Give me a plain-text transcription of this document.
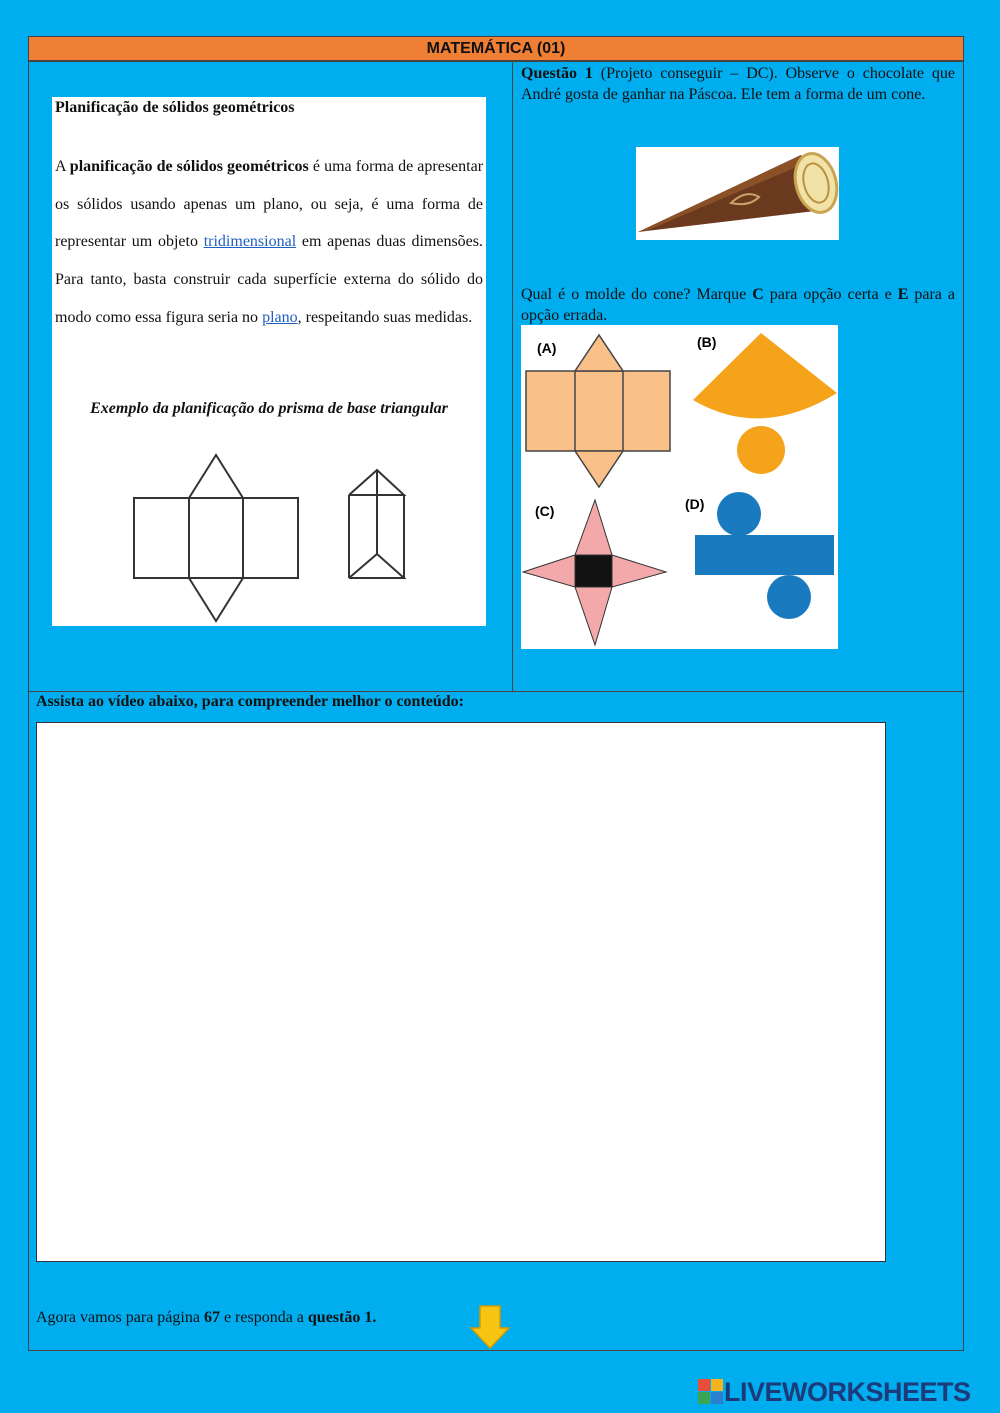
MATEMÁTICA (01)
Planificação de sólidos geométricos
A planificação de sólidos geométricos é uma forma de apresentar os sólidos usando apenas um plano, ou seja, é uma forma de representar um objeto tridimensional em apenas duas dimensões. Para tanto, basta construir cada superfície externa do sólido do modo como essa figura seria no plano, respeitando suas medidas.
Exemplo da planificação do prisma de base triangular
Questão 1 (Projeto conseguir – DC). Observe o chocolate que André gosta de ganhar na Páscoa. Ele tem a forma de um cone.
Qual é o molde do cone? Marque C para opção certa e E para a opção errada.
(A)	(B)
(C)	(D)
Assista ao vídeo abaixo, para compreender melhor o conteúdo:
Agora vamos para página 67 e responda a questão 1.
LIVEWORKSHEETS
